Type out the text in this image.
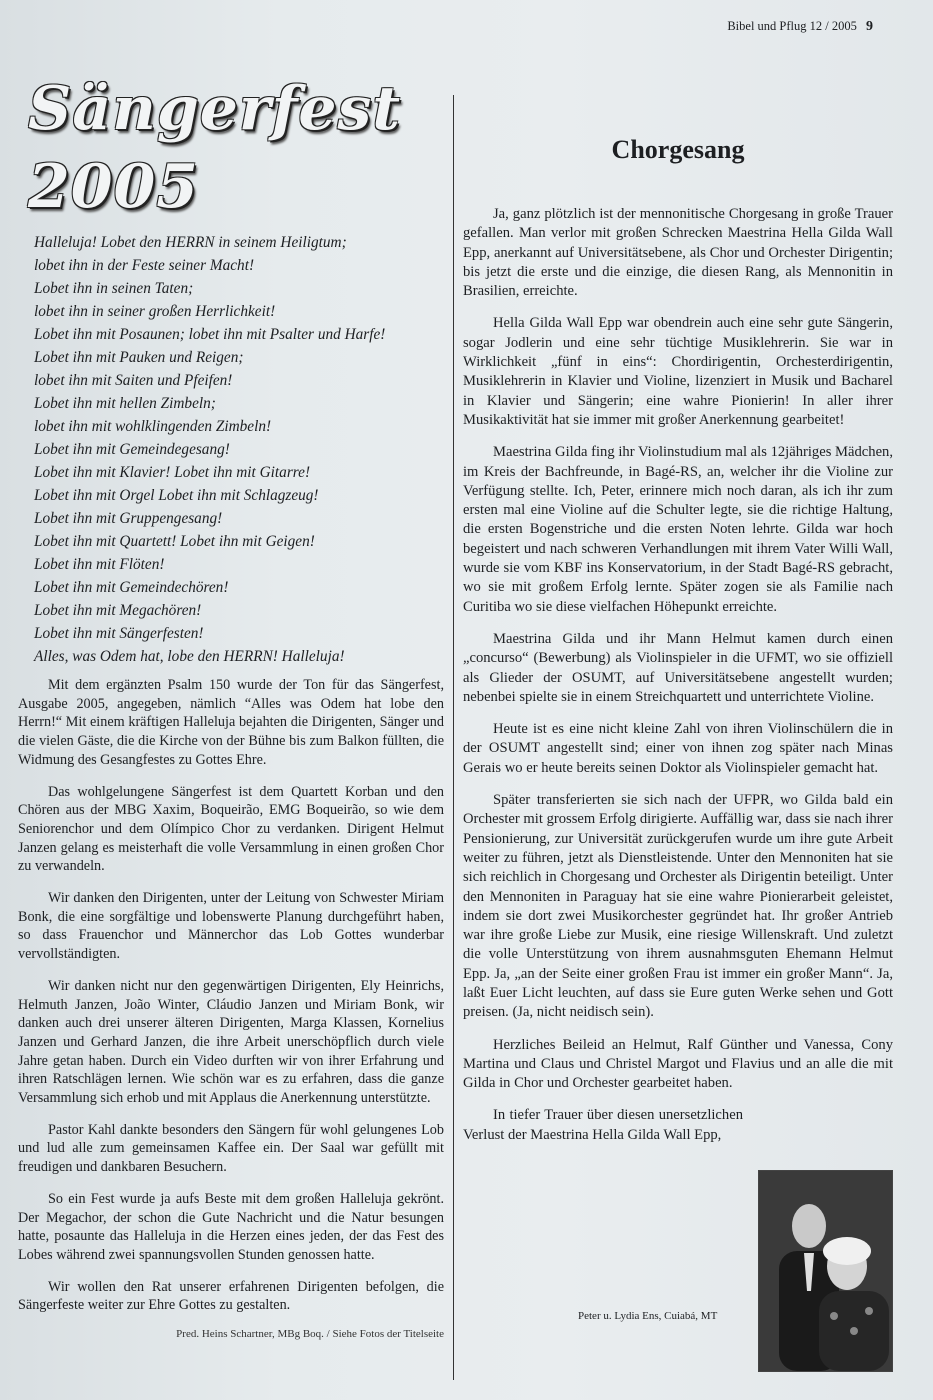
Bibel und Pflug 12 / 2005 9
Sängerfest 2005
Halleluja! Lobet den HERRN in seinem Heiligtum;
lobet ihn in der Feste seiner Macht!
Lobet ihn in seinen Taten;
lobet ihn in seiner großen Herrlichkeit!
Lobet ihn mit Posaunen; lobet ihn mit Psalter und Harfe!
Lobet ihn mit Pauken und Reigen;
lobet ihn mit Saiten und Pfeifen!
Lobet ihn mit hellen Zimbeln;
lobet ihn mit wohlklingenden Zimbeln!
Lobet ihn mit Gemeindegesang!
Lobet ihn mit Klavier! Lobet ihn mit Gitarre!
Lobet ihn mit Orgel Lobet ihn mit Schlagzeug!
Lobet ihn mit Gruppengesang!
Lobet ihn mit Quartett! Lobet ihn mit Geigen!
Lobet ihn mit Flöten!
Lobet ihn mit Gemeindechören!
Lobet ihn mit Megachören!
Lobet ihn mit Sängerfesten!
Alles, was Odem hat, lobe den HERRN! Halleluja!

Mit dem ergänzten Psalm 150 wurde der Ton für das Sängerfest, Ausgabe 2005, angegeben, nämlich “Alles was Odem hat lobe den Herrn!“ Mit einem kräftigen Halleluja bejahten die Dirigenten, Sänger und die vielen Gäste, die die Kirche von der Bühne bis zum Balkon füllten, die Widmung des Gesangfestes zu Gottes Ehre.

Das wohlgelungene Sängerfest ist dem Quartett Korban und den Chören aus der MBG Xaxim, Boqueirão, EMG Boqueirão, so wie dem Seniorenchor und dem Olímpico Chor zu verdanken. Dirigent Helmut Janzen gelang es meisterhaft die volle Versammlung in einen großen Chor zu verwandeln.

Wir danken den Dirigenten, unter der Leitung von Schwester Miriam Bonk, die eine sorgfältige und lobenswerte Planung durchgeführt haben, so dass Frauenchor und Männerchor das Lob Gottes wunderbar vervollständigten.

Wir danken nicht nur den gegenwärtigen Dirigenten, Ely Heinrichs, Helmuth Janzen, João Winter, Cláudio Janzen und Miriam Bonk, wir danken auch drei unserer älteren Dirigenten, Marga Klassen, Kornelius Janzen und Gerhard Janzen, die ihre Arbeit unerschöpflich durch viele Jahre getan haben. Durch ein Video durften wir von ihrer Erfahrung und ihren Ratschlägen lernen. Wie schön war es zu erfahren, dass die ganze Versammlung sich erhob und mit Applaus die Anerkennung unterstützte.

Pastor Kahl dankte besonders den Sängern für wohl gelungenes Lob und lud alle zum gemeinsamen Kaffee ein. Der Saal war gefüllt mit freudigen und dankbaren Besuchern.

So ein Fest wurde ja aufs Beste mit dem großen Halleluja gekrönt. Der Megachor, der schon die Gute Nachricht und die Natur besungen hatte, posaunte das Halleluja in die Herzen eines jeden, der das Fest des Lobes während zwei spannungsvollen Stunden genossen hatte.

Wir wollen den Rat unserer erfahrenen Dirigenten befolgen, die Sängerfeste weiter zur Ehre Gottes zu gestalten.

Pred. Heins Schartner, MBg Boq. / Siehe Fotos der Titelseite
Chorgesang

Ja, ganz plötzlich ist der mennonitische Chorgesang in große Trauer gefallen. Man verlor mit großen Schrecken Maestrina Hella Gilda Wall Epp, anerkannt auf Universitätsebene, als Chor und Orchester Dirigentin; bis jetzt die erste und die einzige, die diesen Rang, als Mennonitin in Brasilien, erreichte.

Hella Gilda Wall Epp war obendrein auch eine sehr gute Sängerin, sogar Jodlerin und eine sehr tüchtige Musiklehrerin. Sie war in Wirklichkeit „fünf in eins“: Chordirigentin, Orchesterdirigentin, Musiklehrerin in Klavier und Violine, lizenziert in Musik und Bacharel in Klavier und Sängerin; eine wahre Pionierin! In aller ihrer Musikaktivität hat sie immer mit großer Anerkennung gearbeitet!

Maestrina Gilda fing ihr Violinstudium mal als 12jähriges Mädchen, im Kreis der Bachfreunde, in Bagé-RS, an, welcher ihr die Violine zur Verfügung stellte. Ich, Peter, erinnere mich noch daran, als ich ihr zum ersten mal eine Violine auf die Schulter legte, sie die richtige Haltung, die ersten Bogenstriche und die ersten Noten lehrte. Gilda war hoch begeistert und nach schweren Verhandlungen mit ihrem Vater Willi Wall, wurde sie vom KBF ins Konservatorium, in der Stadt Bagé-RS gebracht, wo sie mit großem Erfolg lernte. Später zogen sie als Familie nach Curitiba wo sie diese vielfachen Höhepunkt erreichte.

Maestrina Gilda und ihr Mann Helmut kamen durch einen „concurso“ (Bewerbung) als Violinspieler in die UFMT, wo sie offiziell als Glieder der OSUMT, auf Universitätsebene angestellt wurden; nebenbei spielte sie in einem Streichquartett und unterrichtete Violine.

Heute ist es eine nicht kleine Zahl von ihren Violinschülern die in der OSUMT angestellt sind; einer von ihnen zog später nach Minas Gerais wo er heute bereits seinen Doktor als Violinspieler gemacht hat.

Später transferierten sie sich nach der UFPR, wo Gilda bald ein Orchester mit grossem Erfolg dirigierte. Auffällig war, dass sie nach ihrer Pensionierung, zur Universität zurückgerufen wurde um ihre gute Arbeit weiter zu führen, jetzt als Dienstleistende. Unter den Mennoniten hat sie sich reichlich in Chorgesang und Orchester als Dirigentin beteiligt. Unter den Mennoniten in Paraguay hat sie eine wahre Pionierarbeit geleistet, indem sie dort zwei Musikorchester gegründet hat. Ihr großer Antrieb war ihre große Liebe zur Musik, eine riesige Willenskraft. Und zuletzt die volle Unterstützung von ihrem ausnahmsguten Ehemann Helmut Epp. Ja, „an der Seite einer großen Frau ist immer ein großer Mann“. Ja, laßt Euer Licht leuchten, auf dass sie Eure guten Werke sehen und Gott preisen. (Ja, nicht neidisch sein).

Herzliches Beileid an Helmut, Ralf Günther und Vanessa, Cony Martina und Claus und Christel Margot und Flavius und an alle die mit Gilda in Chor und Orchester gearbeitet haben.

In tiefer Trauer über diesen unersetzlichen Verlust der Maestrina Hella Gilda Wall Epp,

Peter u. Lydia Ens, Cuiabá, MT
